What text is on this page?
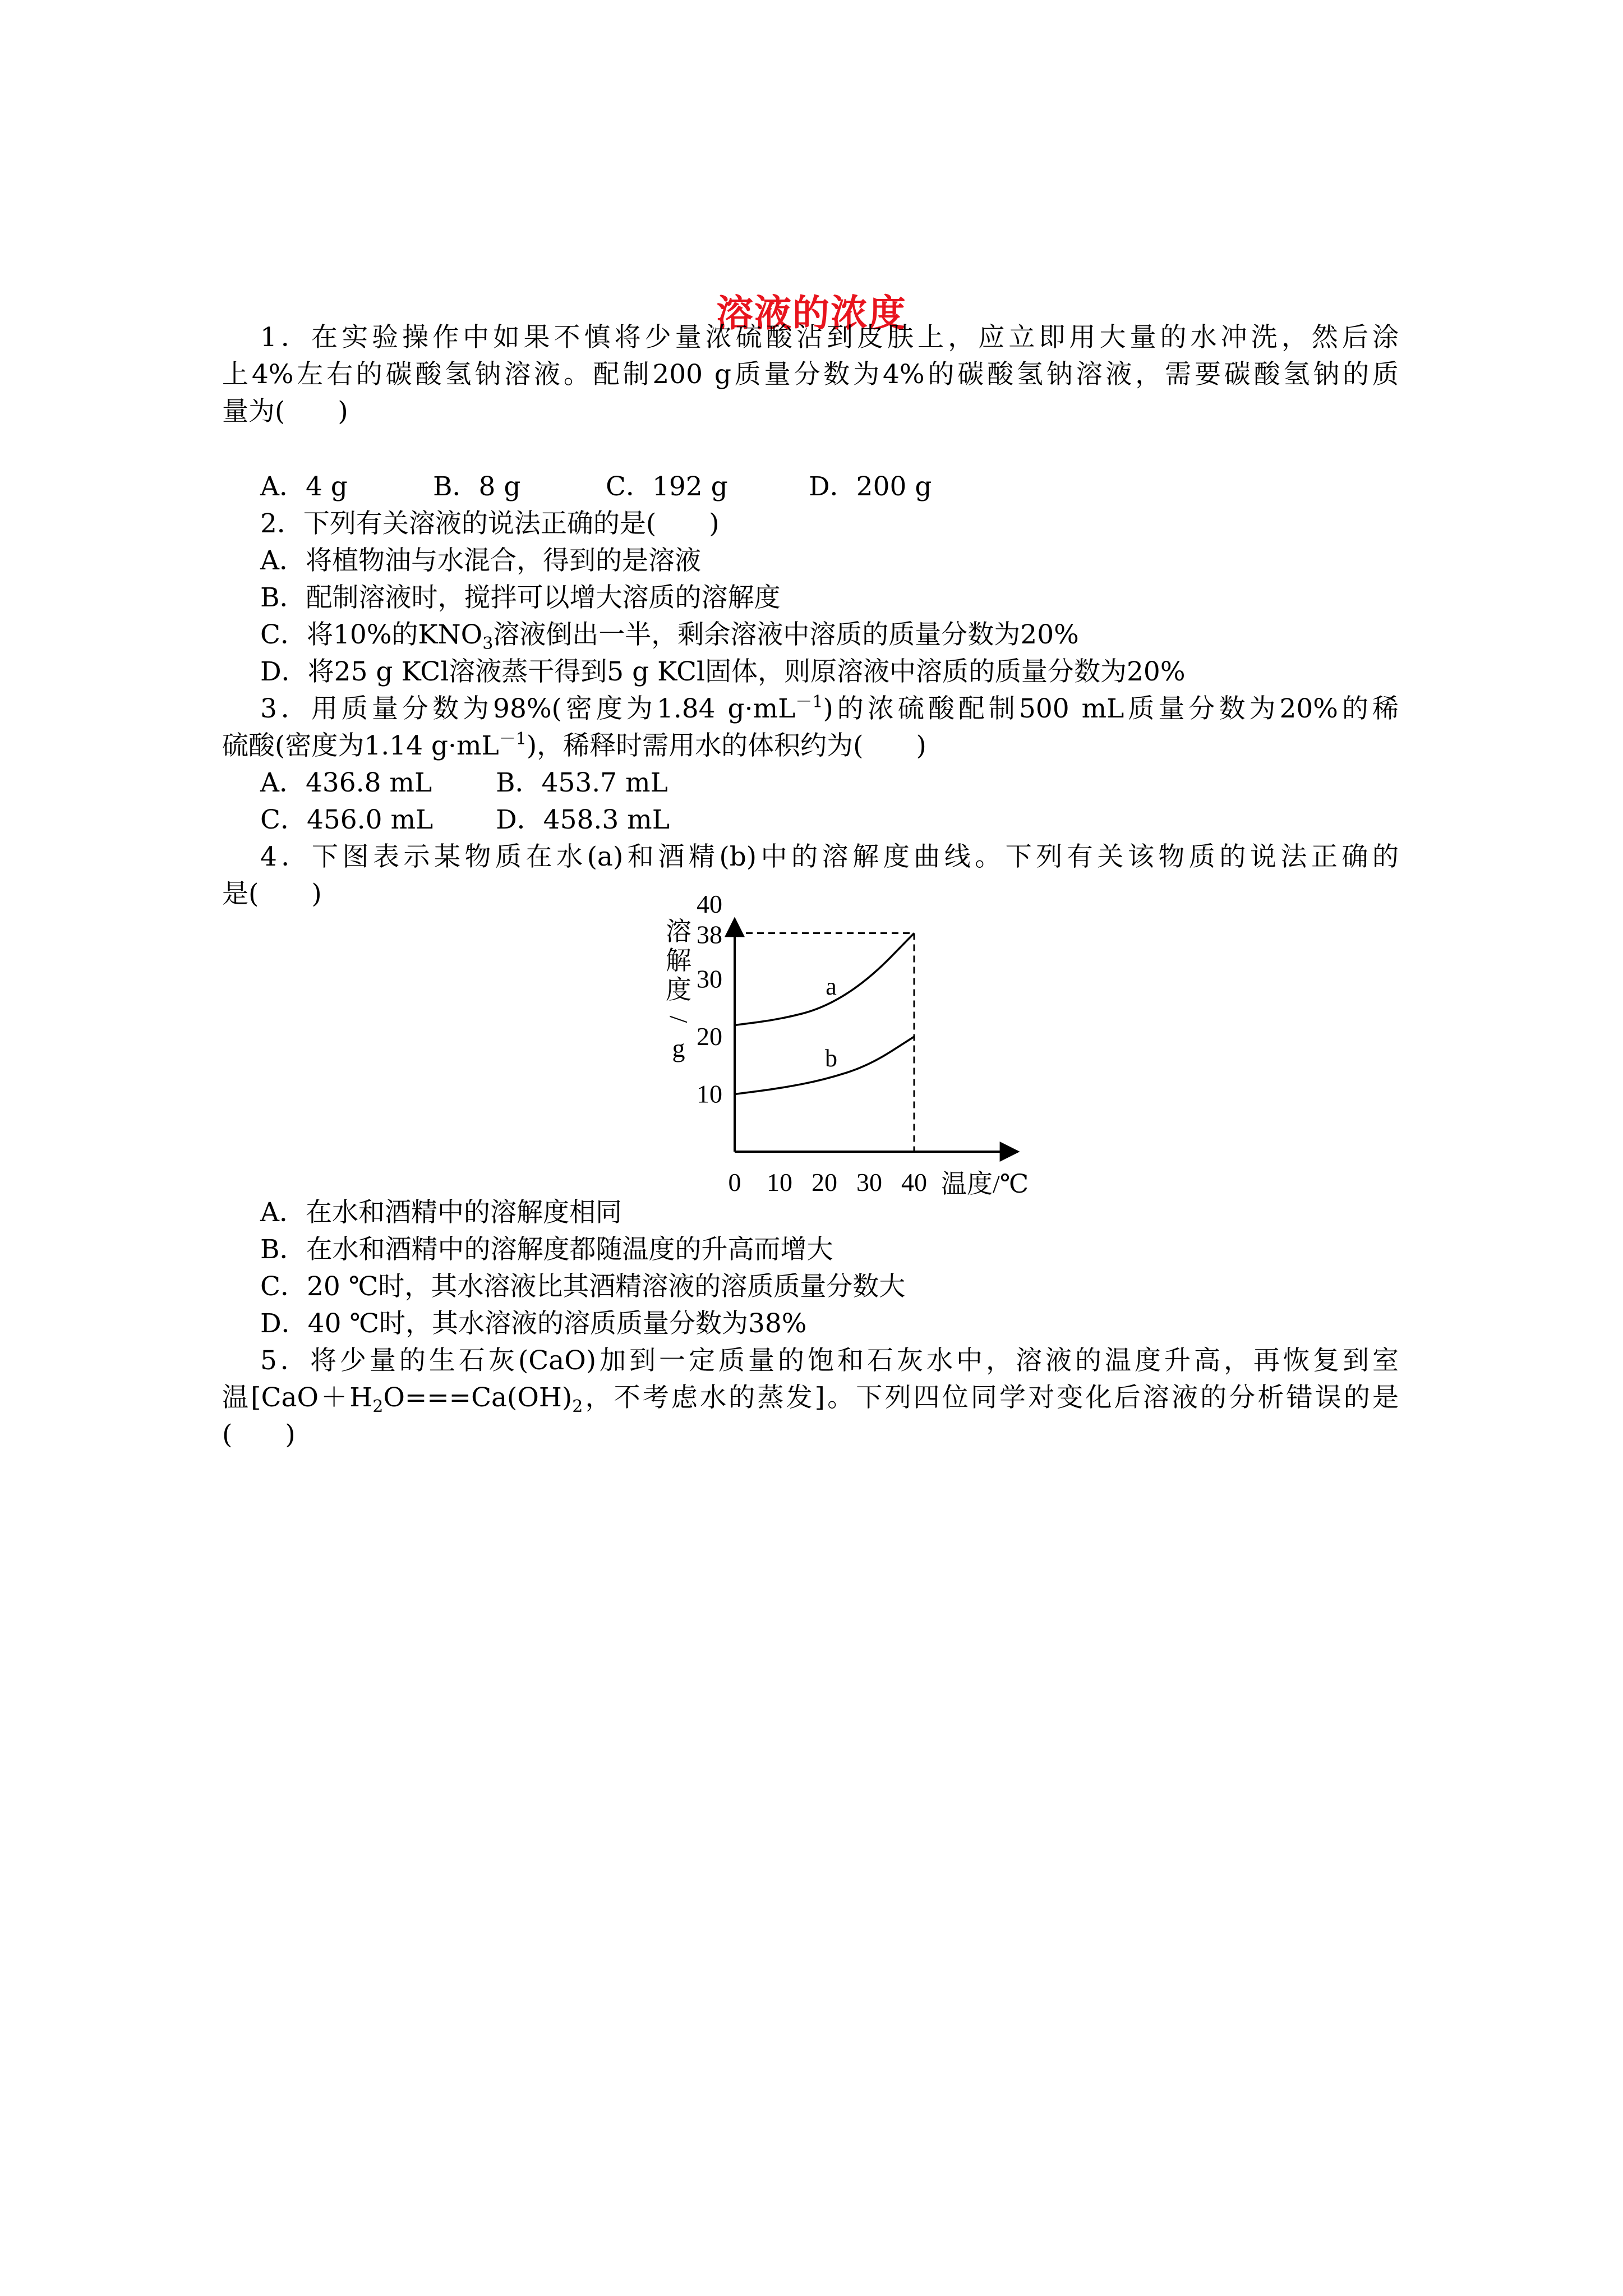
溶液的浓度
1．在实验操作中如果不慎将少量浓硫酸沾到皮肤上，应立即用大量的水冲洗，然后涂
上4%左右的碳酸氢钠溶液。配制200 g质量分数为4%的碳酸氢钠溶液，需要碳酸氢钠的质
量为(　　)
A．4 g	B．8 g	C．192 g	D．200 g
2．下列有关溶液的说法正确的是(　　)
A．将植物油与水混合，得到的是溶液
B．配制溶液时，搅拌可以增大溶质的溶解度
C．将10%的$KNO_3$溶液倒出一半，剩余溶液中溶质的质量分数为20%
D．将25 g KCl溶液蒸干得到5 g KCl固体，则原溶液中溶质的质量分数为20%
3．用质量分数为98%(密度为1.84 $g\cdot mL^{-1}$)的浓硫酸配制500 mL质量分数为20%的稀
硫酸(密度为1.14 $g\cdot mL^{-1}$)，稀释时需用水的体积约为(　　)
A．436.8 mL B．453.7 mL
C．456.0 mL D．458.3 mL
4．下图表示某物质在水(a)和酒精(b)中的溶解度曲线。下列有关该物质的说法正确的
是(　　)
溶
解
度
/
g
a
b
0 10 20 30 40
10
20
30
38
40
温度/℃
A．在水和酒精中的溶解度相同
B．在水和酒精中的溶解度都随温度的升高而增大
C．20 ℃时，其水溶液比其酒精溶液的溶质质量分数大
D．40 ℃时，其水溶液的溶质质量分数为38%
5．将少量的生石灰(CaO)加到一定质量的饱和石灰水中，溶液的温度升高，再恢复到室
温[$CaO+H_2O===Ca(OH)_2$，不考虑水的蒸发]。下列四位同学对变化后溶液的分析错误的是
(　　)
